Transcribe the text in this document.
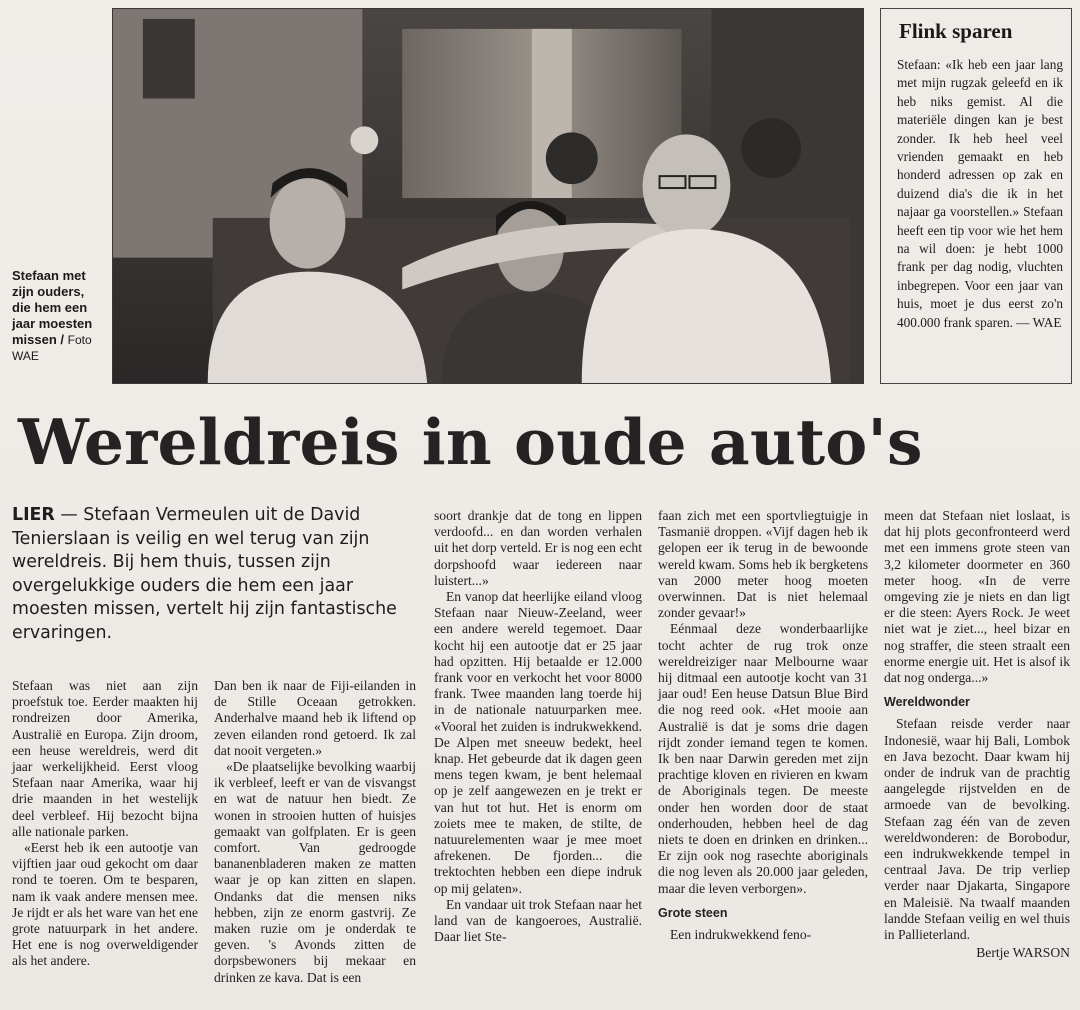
Stefaan met zijn ouders, die hem een jaar moesten missen / Foto WAE
Flink sparen

Stefaan: «Ik heb een jaar lang met mijn rugzak geleefd en ik heb niks gemist. Al die materiële dingen kan je best zonder. Ik heb heel veel vrienden gemaakt en heb honderd adressen op zak en duizend dia's die ik in het najaar ga voorstellen.» Stefaan heeft een tip voor wie het hem na wil doen: je hebt 1000 frank per dag nodig, vluchten inbegrepen. Voor een jaar van huis, moet je dus eerst zo'n 400.000 frank sparen. — WAE

Wereldreis in oude auto's
LIER — Stefaan Vermeulen uit de David Tenierslaan is veilig en wel terug van zijn wereldreis. Bij hem thuis, tussen zijn overgelukkige ouders die hem een jaar moesten missen, vertelt hij zijn fantastische ervaringen.

Stefaan was niet aan zijn proefstuk toe. Eerder maakten hij rondreizen door Amerika, Australië en Europa. Zijn droom, een heuse wereldreis, werd dit jaar werkelijkheid. Eerst vloog Stefaan naar Amerika, waar hij drie maanden in het westelijk deel verbleef. Hij bezocht bijna alle nationale parken.

«Eerst heb ik een autootje van vijftien jaar oud gekocht om daar rond te toeren. Om te besparen, nam ik vaak andere mensen mee. Je rijdt er als het ware van het ene grote natuurpark in het andere. Het ene is nog overweldigender als het andere.

Dan ben ik naar de Fiji-eilanden in de Stille Oceaan getrokken. Anderhalve maand heb ik liftend op zeven eilanden rond getoerd. Ik zal dat nooit vergeten.»

«De plaatselijke bevolking waarbij ik verbleef, leeft er van de visvangst en wat de natuur hen biedt. Ze wonen in strooien hutten of huisjes gemaakt van golfplaten. Er is geen comfort. Van gedroogde bananenbladeren maken ze matten waar je op kan zitten en slapen. Ondanks dat die mensen niks hebben, zijn ze enorm gastvrij. Ze maken ruzie om je onderdak te geven. 's Avonds zitten de dorpsbewoners bij mekaar en drinken ze kava. Dat is een

soort drankje dat de tong en lippen verdoofd... en dan worden verhalen uit het dorp verteld. Er is nog een echt dorpshoofd waar iedereen naar luistert...»

En vanop dat heerlijke eiland vloog Stefaan naar Nieuw-Zeeland, weer een andere wereld tegemoet. Daar kocht hij een autootje dat er 25 jaar had opzitten. Hij betaalde er 12.000 frank voor en verkocht het voor 8000 frank. Twee maanden lang toerde hij in de nationale natuurparken mee. «Vooral het zuiden is indrukwekkend. De Alpen met sneeuw bedekt, heel knap. Het gebeurde dat ik dagen geen mens tegen kwam, je bent helemaal op je zelf aangewezen en je trekt er van hut tot hut. Het is enorm om zoiets mee te maken, de stilte, de natuurelementen waar je mee moet afrekenen. De fjorden... die trektochten hebben een diepe indruk op mij gelaten».

En vandaar uit trok Stefaan naar het land van de kangoeroes, Australië. Daar liet Ste-

faan zich met een sportvliegtuigje in Tasmanië droppen. «Vijf dagen heb ik gelopen eer ik terug in de bewoonde wereld kwam. Soms heb ik bergketens van 2000 meter hoog moeten overwinnen. Dat is niet helemaal zonder gevaar!»

Eénmaal deze wonderbaarlijke tocht achter de rug trok onze wereldreiziger naar Melbourne waar hij ditmaal een autootje kocht van 31 jaar oud! Een heuse Datsun Blue Bird die nog reed ook. «Het mooie aan Australië is dat je soms drie dagen rijdt zonder iemand tegen te komen. Ik ben naar Darwin gereden met zijn prachtige kloven en rivieren en kwam de Aboriginals tegen. De meeste onder hen worden door de staat onderhouden, hebben heel de dag niets te doen en drinken en drinken... Er zijn ook nog rasechte aboriginals die nog leven als 20.000 jaar geleden, maar die leven verborgen».

Grote steen

Een indrukwekkend feno-

meen dat Stefaan niet loslaat, is dat hij plots geconfronteerd werd met een immens grote steen van 3,2 kilometer doormeter en 360 meter hoog. «In de verre omgeving zie je niets en dan ligt er die steen: Ayers Rock. Je weet niet wat je ziet..., heel bizar en nog straffer, die steen straalt een enorme energie uit. Het is alsof ik dat nog onderga...»

Wereldwonder

Stefaan reisde verder naar Indonesië, waar hij Bali, Lombok en Java bezocht. Daar kwam hij onder de indruk van de prachtig aangelegde rijstvelden en de armoede van de bevolking. Stefaan zag één van de zeven wereldwonderen: de Borobodur, een indrukwekkende tempel in centraal Java. De trip verliep verder naar Djakarta, Singapore en Maleisië. Na twaalf maanden landde Stefaan veilig en wel thuis in Pallieterland.

Bertje WARSON
